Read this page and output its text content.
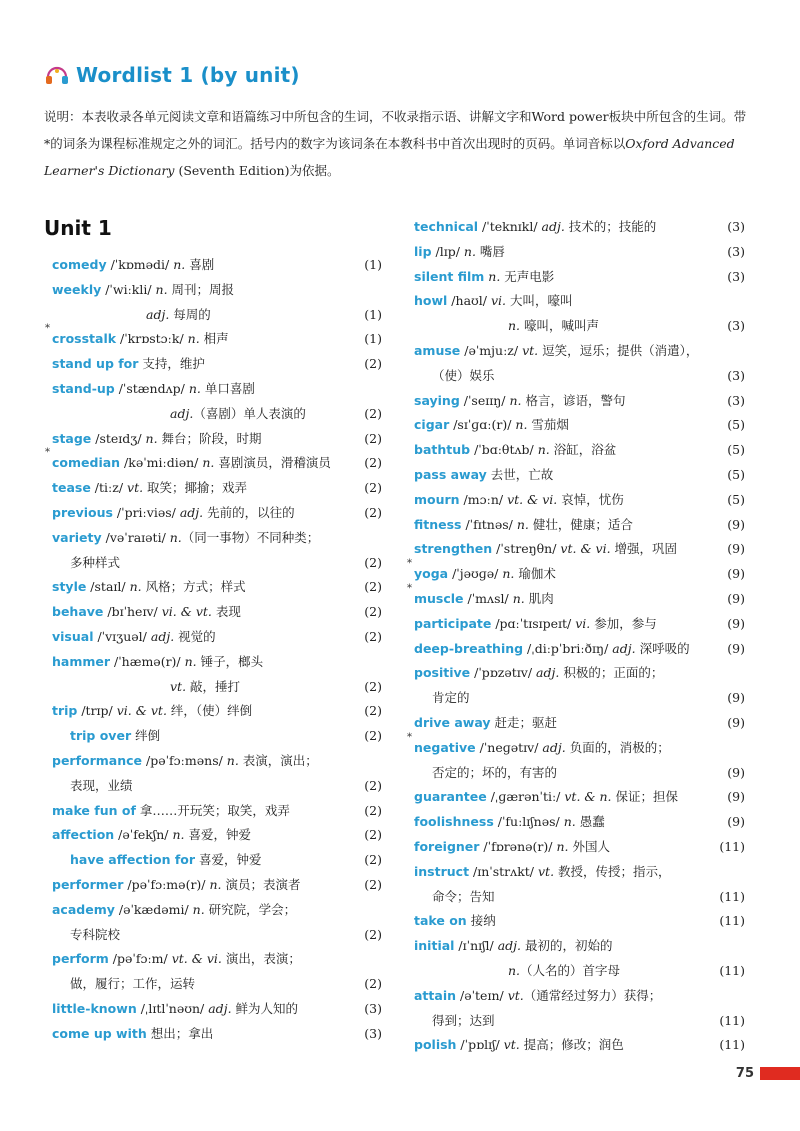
Wordlist 1 (by unit)
说明：本表收录各单元阅读文章和语篇练习中所包含的生词，不收录指示语、讲解文字和Word power板块中所包含的生词。带*的词条为课程标准规定之外的词汇。括号内的数字为该词条在本教科书中首次出现时的页码。单词音标以Oxford Advanced Learner's Dictionary (Seventh Edition)为依据。
Unit 1
comedy /ˈkɒmədi/ n. 喜剧	(1)
weekly /ˈwiːkli/ n. 周刊；周报
adj. 每周的	(1)
*
crosstalk /ˈkrɒstɔːk/ n. 相声	(1)
stand up for 支持，维护	(2)
stand-up /ˈstændʌp/ n. 单口喜剧
adj.（喜剧）单人表演的	(2)
stage /steɪdʒ/ n. 舞台；阶段，时期	(2)
*
comedian /kəˈmiːdiən/ n. 喜剧演员，滑稽演员	(2)
tease /tiːz/ vt. 取笑；揶揄；戏弄	(2)
previous /ˈpriːviəs/ adj. 先前的，以往的	(2)
variety /vəˈraɪəti/ n.（同一事物）不同种类；
多种样式	(2)
style /staɪl/ n. 风格；方式；样式	(2)
behave /bɪˈheɪv/ vi. & vt. 表现	(2)
visual /ˈvɪʒuəl/ adj. 视觉的	(2)
hammer /ˈhæmə(r)/ n. 锤子，榔头
vt. 敲，捶打	(2)
trip /trɪp/ vi. & vt. 绊，（使）绊倒	(2)
trip over 绊倒	(2)
performance /pəˈfɔːməns/ n. 表演，演出；
表现，业绩	(2)
make fun of 拿……开玩笑；取笑，戏弄	(2)
affection /əˈfekʃn/ n. 喜爱，钟爱	(2)
have affection for 喜爱，钟爱	(2)
performer /pəˈfɔːmə(r)/ n. 演员；表演者	(2)
academy /əˈkædəmi/ n. 研究院，学会；
专科院校	(2)
perform /pəˈfɔːm/ vt. & vi. 演出，表演；
做，履行；工作，运转	(2)
little-known /ˌlɪtlˈnəʊn/ adj. 鲜为人知的	(3)
come up with 想出；拿出	(3)
technical /ˈteknɪkl/ adj. 技术的；技能的	(3)
lip /lɪp/ n. 嘴唇	(3)
silent film n. 无声电影	(3)
howl /haʊl/ vi. 大叫，嚎叫
n. 嚎叫，喊叫声	(3)
amuse /əˈmjuːz/ vt. 逗笑，逗乐；提供（消遣），
（使）娱乐	(3)
saying /ˈseɪɪŋ/ n. 格言，谚语，警句	(3)
cigar /sɪˈɡɑː(r)/ n. 雪茄烟	(5)
bathtub /ˈbɑːθtʌb/ n. 浴缸，浴盆	(5)
pass away 去世，亡故	(5)
mourn /mɔːn/ vt. & vi. 哀悼，忧伤	(5)
fitness /ˈfɪtnəs/ n. 健壮，健康；适合	(9)
strengthen /ˈstreŋθn/ vt. & vi. 增强，巩固	(9)
*
yoga /ˈjəʊɡə/ n. 瑜伽术	(9)
*
muscle /ˈmʌsl/ n. 肌肉	(9)
participate /pɑːˈtɪsɪpeɪt/ vi. 参加，参与	(9)
deep-breathing /ˌdiːpˈbriːðɪŋ/ adj. 深呼吸的	(9)
positive /ˈpɒzətɪv/ adj. 积极的；正面的；
肯定的	(9)
drive away 赶走；驱赶	(9)
*
negative /ˈneɡətɪv/ adj. 负面的，消极的；
否定的；坏的，有害的	(9)
guarantee /ˌɡærənˈtiː/ vt. & n. 保证；担保	(9)
foolishness /ˈfuːlɪʃnəs/ n. 愚蠢	(9)
foreigner /ˈfɒrənə(r)/ n. 外国人	(11)
instruct /ɪnˈstrʌkt/ vt. 教授，传授；指示，
命令；告知	(11)
take on 接纳	(11)
initial /ɪˈnɪʃl/ adj. 最初的，初始的
n.（人名的）首字母	(11)
attain /əˈteɪn/ vt.（通常经过努力）获得；
得到；达到	(11)
polish /ˈpɒlɪʃ/ vt. 提高；修改；润色	(11)
75
